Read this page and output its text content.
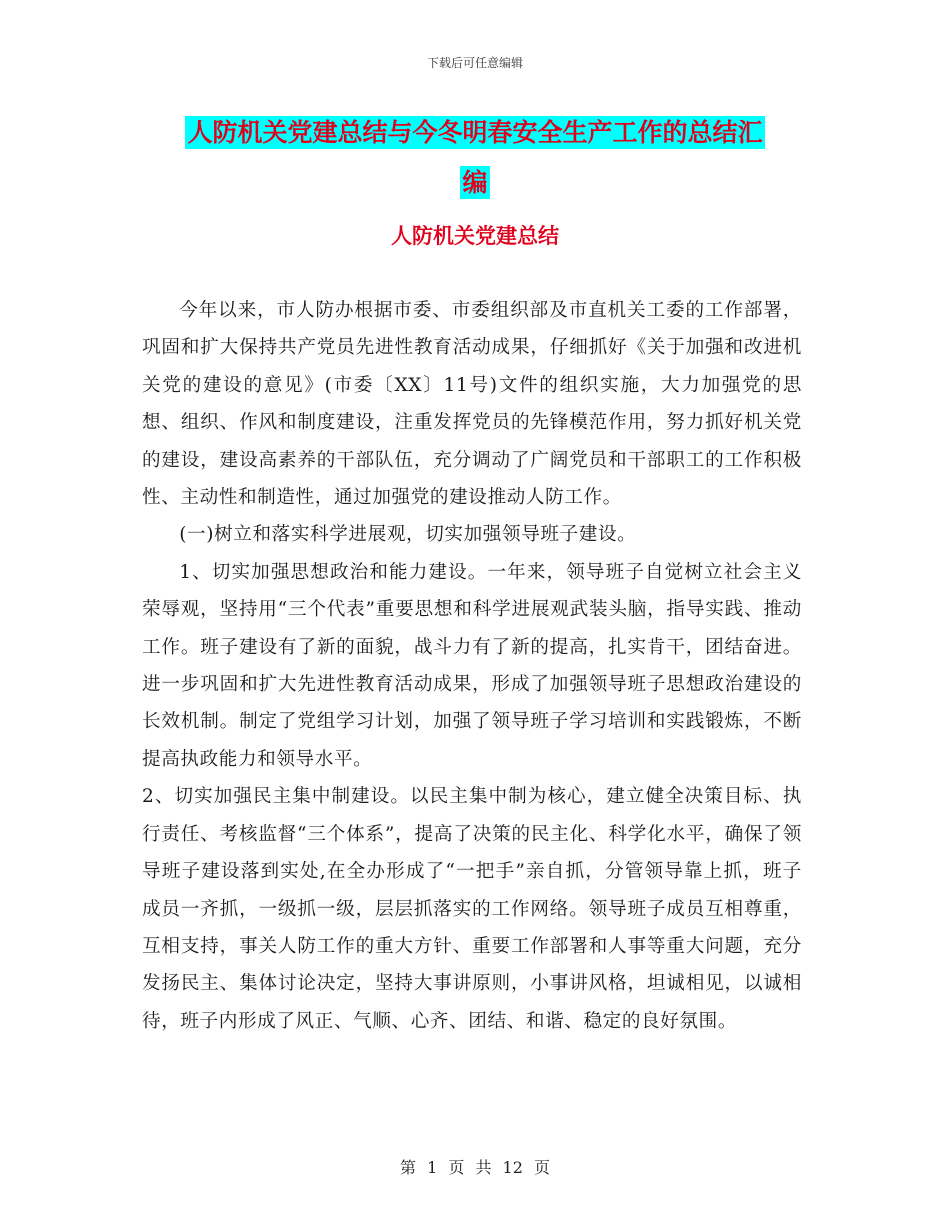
下载后可任意编辑
人防机关党建总结与今冬明春安全生产工作的总结汇
编
人防机关党建总结

今年以来，市人防办根据市委、市委组织部及市直机关工委的工作部署，巩固和扩大保持共产党员先进性教育活动成果，仔细抓好《关于加强和改进机关党的建设的意见》(市委〔XX〕11号)文件的组织实施，大力加强党的思想、组织、作风和制度建设，注重发挥党员的先锋模范作用，努力抓好机关党的建设，建设高素养的干部队伍，充分调动了广阔党员和干部职工的工作积极性、主动性和制造性，通过加强党的建设推动人防工作。

(一)树立和落实科学进展观，切实加强领导班子建设。

1、切实加强思想政治和能力建设。一年来，领导班子自觉树立社会主义荣辱观，坚持用“三个代表”重要思想和科学进展观武装头脑，指导实践、推动工作。班子建设有了新的面貌，战斗力有了新的提高，扎实肯干，团结奋进。进一步巩固和扩大先进性教育活动成果，形成了加强领导班子思想政治建设的长效机制。制定了党组学习计划，加强了领导班子学习培训和实践锻炼，不断提高执政能力和领导水平。

2、切实加强民主集中制建设。以民主集中制为核心，建立健全决策目标、执行责任、考核监督“三个体系”，提高了决策的民主化、科学化水平，确保了领导班子建设落到实处,在全办形成了“一把手”亲自抓，分管领导靠上抓，班子成员一齐抓，一级抓一级，层层抓落实的工作网络。领导班子成员互相尊重，互相支持，事关人防工作的重大方针、重要工作部署和人事等重大问题，充分发扬民主、集体讨论决定，坚持大事讲原则，小事讲风格，坦诚相见，以诚相待，班子内形成了风正、气顺、心齐、团结、和谐、稳定的良好氛围。

第 1 页 共 12 页
